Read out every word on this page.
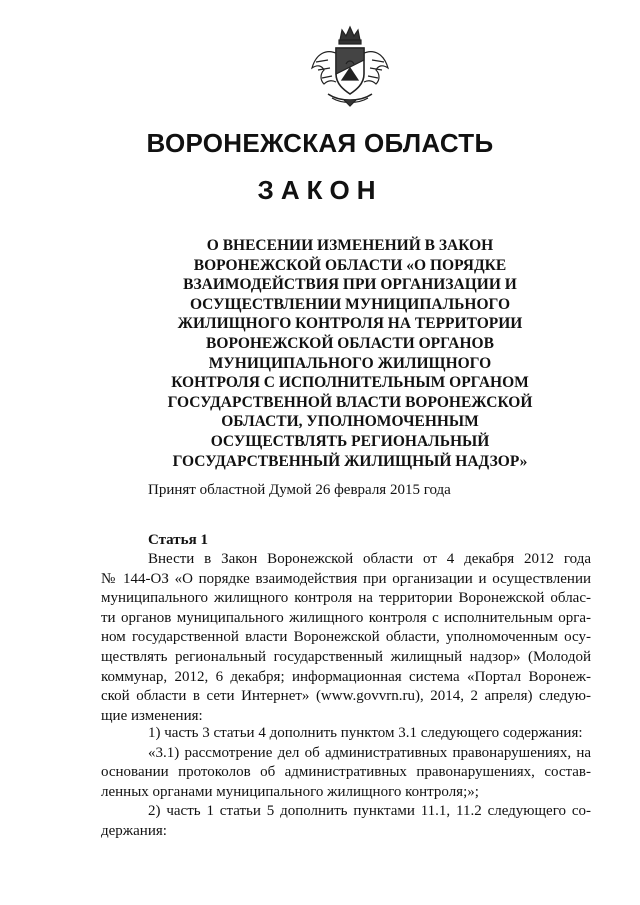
ВОРОНЕЖСКАЯ ОБЛАСТЬ
ЗАКОН
О ВНЕСЕНИИ ИЗМЕНЕНИЙ В ЗАКОН
ВОРОНЕЖСКОЙ ОБЛАСТИ «О ПОРЯДКЕ
ВЗАИМОДЕЙСТВИЯ ПРИ ОРГАНИЗАЦИИ И
ОСУЩЕСТВЛЕНИИ МУНИЦИПАЛЬНОГО
ЖИЛИЩНОГО КОНТРОЛЯ НА ТЕРРИТОРИИ
ВОРОНЕЖСКОЙ ОБЛАСТИ ОРГАНОВ
МУНИЦИПАЛЬНОГО ЖИЛИЩНОГО
КОНТРОЛЯ С ИСПОЛНИТЕЛЬНЫМ ОРГАНОМ
ГОСУДАРСТВЕННОЙ ВЛАСТИ ВОРОНЕЖСКОЙ
ОБЛАСТИ, УПОЛНОМОЧЕННЫМ
ОСУЩЕСТВЛЯТЬ РЕГИОНАЛЬНЫЙ
ГОСУДАРСТВЕННЫЙ ЖИЛИЩНЫЙ НАДЗОР»
Принят областной Думой 26 февраля 2015 года
Статья 1
Внести в Закон Воронежской области от 4 декабря 2012 года
№ 144-ОЗ «О порядке взаимодействия при организации и осуществлении
муниципального жилищного контроля на территории Воронежской облас-
ти органов муниципального жилищного контроля с исполнительным орга-
ном государственной власти Воронежской области, уполномоченным осу-
ществлять региональный государственный жилищный надзор» (Молодой
коммунар, 2012, 6 декабря; информационная система «Портал Воронеж-
ской области в сети Интернет» (www.govvrn.ru), 2014, 2 апреля) следую-
щие изменения:
1) часть 3 статьи 4 дополнить пунктом 3.1 следующего содержания:
«3.1) рассмотрение дел об административных правонарушениях, на
основании протоколов об административных правонарушениях, состав-
ленных органами муниципального жилищного контроля;»;
2) часть 1 статьи 5 дополнить пунктами 11.1, 11.2 следующего со-
держания:
